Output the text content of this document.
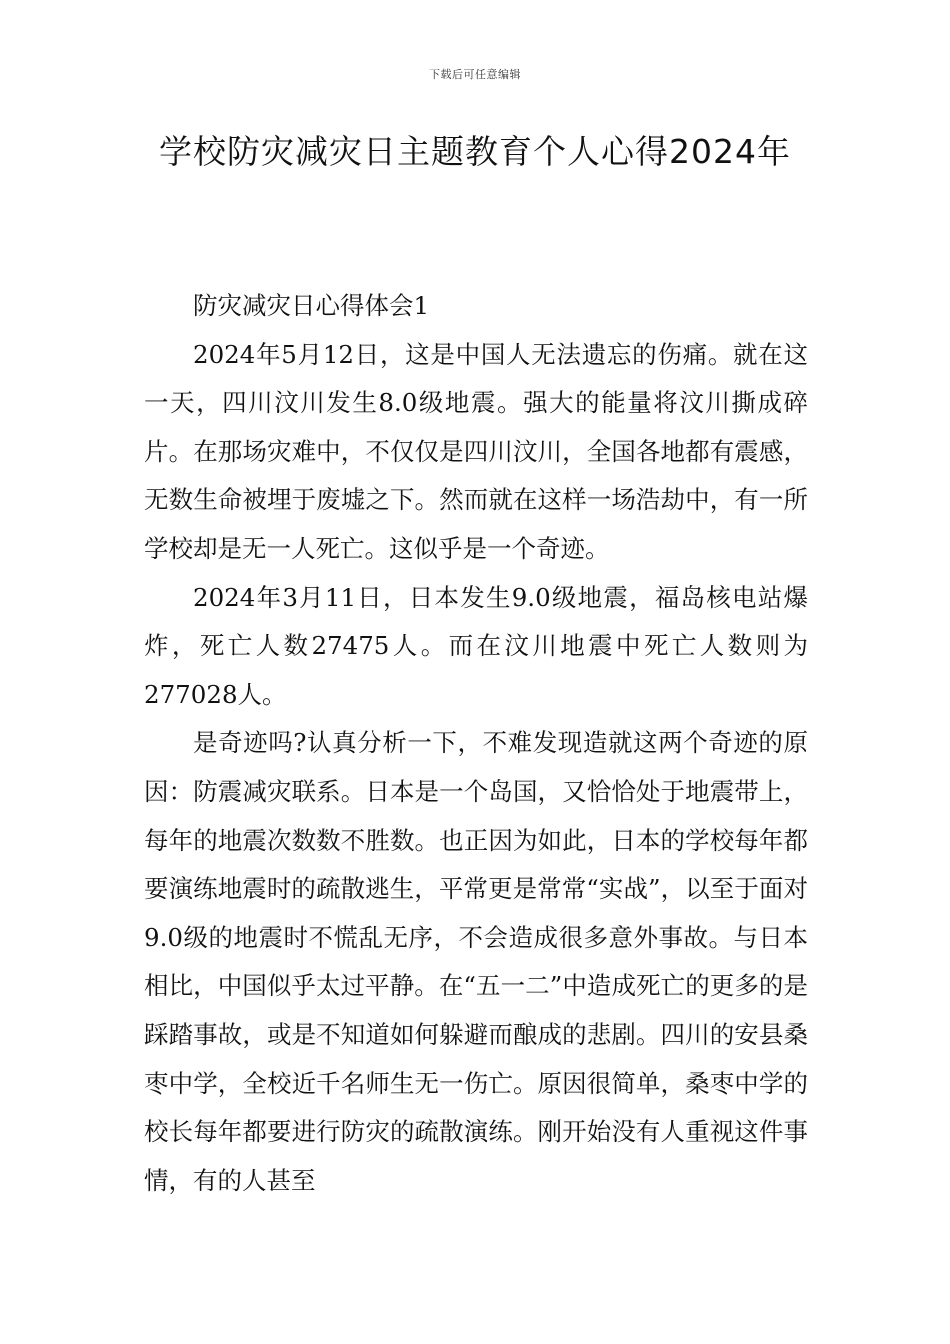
下载后可任意编辑
学校防灾减灾日主题教育个人心得2024年

防灾减灾日心得体会1

2024年5月12日，这是中国人无法遗忘的伤痛。就在这一天，四川汶川发生8.0级地震。强大的能量将汶川撕成碎片。在那场灾难中，不仅仅是四川汶川，全国各地都有震感，无数生命被埋于废墟之下。然而就在这样一场浩劫中，有一所学校却是无一人死亡。这似乎是一个奇迹。

2024年3月11日，日本发生9.0级地震，福岛核电站爆炸，死亡人数27475人。而在汶川地震中死亡人数则为277028人。

是奇迹吗?认真分析一下，不难发现造就这两个奇迹的原因：防震减灾联系。日本是一个岛国，又恰恰处于地震带上，每年的地震次数数不胜数。也正因为如此，日本的学校每年都要演练地震时的疏散逃生，平常更是常常“实战”，以至于面对9.0级的地震时不慌乱无序，不会造成很多意外事故。与日本相比，中国似乎太过平静。在“五一二”中造成死亡的更多的是踩踏事故，或是不知道如何躲避而酿成的悲剧。四川的安县桑枣中学，全校近千名师生无一伤亡。原因很简单，桑枣中学的校长每年都要进行防灾的疏散演练。刚开始没有人重视这件事情，有的人甚至
